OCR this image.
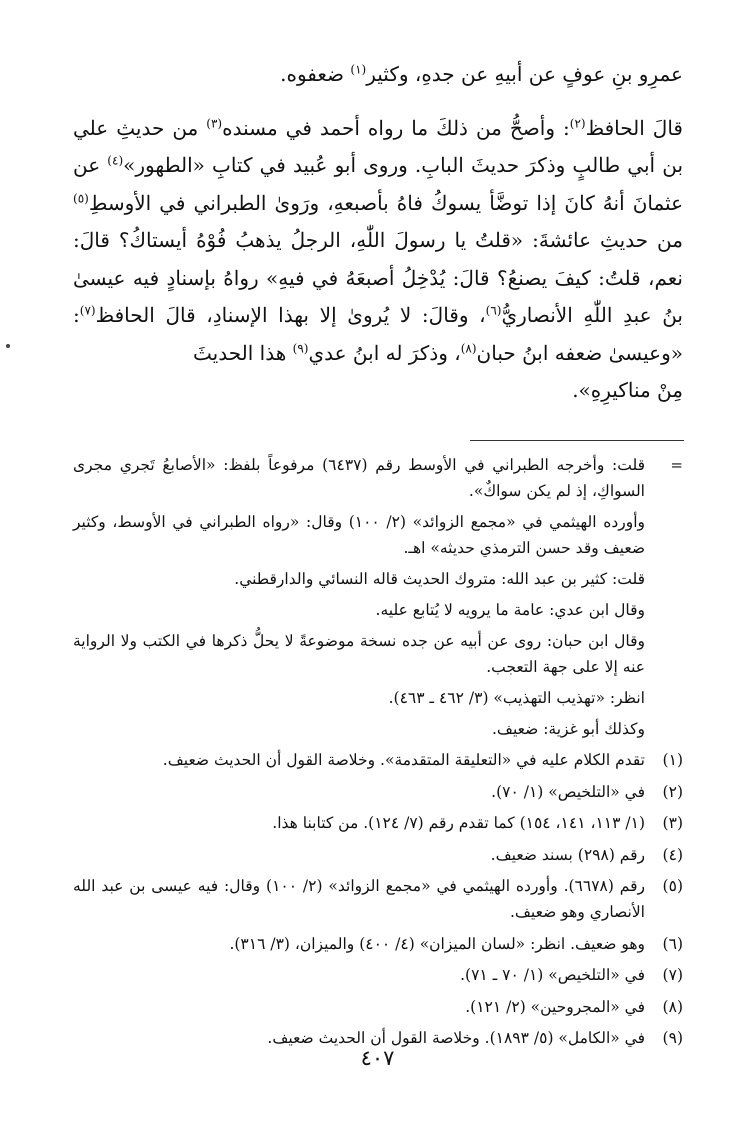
عمرِو بنِ عوفٍ عن أبيهِ عن جدهِ، وكثير$^{(١)}$ ضعفوه.

قالَ الحافظ$^{(٢)}$: وأصحُّ من ذلكَ ما رواه أحمد في مسنده$^{(٣)}$ من حديثِ علي بن أبي طالبٍ وذكرَ حديثَ البابِ. وروى أبو عُبيد في كتابِ «الطهور»$^{(٤)}$ عن عثمانَ أنهُ كانَ إذا توضَّأ يسوكُ فاهُ بأصبعهِ، ورَوىٰ الطبراني في الأوسطِ$^{(٥)}$ من حديثِ عائشةَ: «قلتُ يا رسولَ اللّٰهِ، الرجلُ يذهبُ فُوْهُ أيستاكُ؟ قالَ: نعم، قلتُ: كيفَ يصنعُ؟ قالَ: يُدْخِلُ أصبعَهُ في فيهِ» رواهُ بإسنادٍ فيه عيسىٰ بنُ عبدِ اللّٰهِ الأنصاريُّ$^{(٦)}$، وقالَ: لا يُروىٰ إلا بهذا الإسنادِ، قالَ الحافظ$^{(٧)}$: «وعيسىٰ ضعفه ابنُ حبان$^{(٨)}$، وذكرَ له ابنُ عدي$^{(٩)}$ هذا الحديثَ

مِنْ مناكيرِهِ».

=
قلت: وأخرجه الطبراني في الأوسط رقم (٦٤٣٧) مرفوعاً بلفظ: «الأصابعُ تَجري مجرى السواكِ، إذ لم يكن سواكٌ».
وأورده الهيثمي في «مجمع الزوائد» (٢/ ١٠٠) وقال: «رواه الطبراني في الأوسط، وكثير ضعيف وقد حسن الترمذي حديثه» اهـ.
قلت: كثير بن عبد الله: متروك الحديث قاله النسائي والدارقطني.
وقال ابن عدي: عامة ما يرويه لا يُتابع عليه.
وقال ابن حبان: روى عن أبيه عن جده نسخة موضوعةً لا يحلُّ ذكرها في الكتب ولا الرواية عنه إلا على جهة التعجب.
انظر: «تهذيب التهذيب» (٣/ ٤٦٢ ـ ٤٦٣).
وكذلك أبو غزية: ضعيف.
(١)
تقدم الكلام عليه في «التعليقة المتقدمة». وخلاصة القول أن الحديث ضعيف.
(٢)
في «التلخيص» (١/ ٧٠).
(٣)
(١/ ١١٣، ١٤١، ١٥٤) كما تقدم رقم (٧/ ١٢٤). من كتابنا هذا.
(٤)
رقم (٢٩٨) بسند ضعيف.
(٥)
رقم (٦٦٧٨). وأورده الهيثمي في «مجمع الزوائد» (٢/ ١٠٠) وقال: فيه عيسى بن عبد الله الأنصاري وهو ضعيف.
(٦)
وهو ضعيف. انظر: «لسان الميزان» (٤/ ٤٠٠) والميزان، (٣/ ٣١٦).
(٧)
في «التلخيص» (١/ ٧٠ ـ ٧١).
(٨)
في «المجروحين» (٢/ ١٢١).
(٩)
في «الكامل» (٥/ ١٨٩٣). وخلاصة القول أن الحديث ضعيف.
٤٠٧
